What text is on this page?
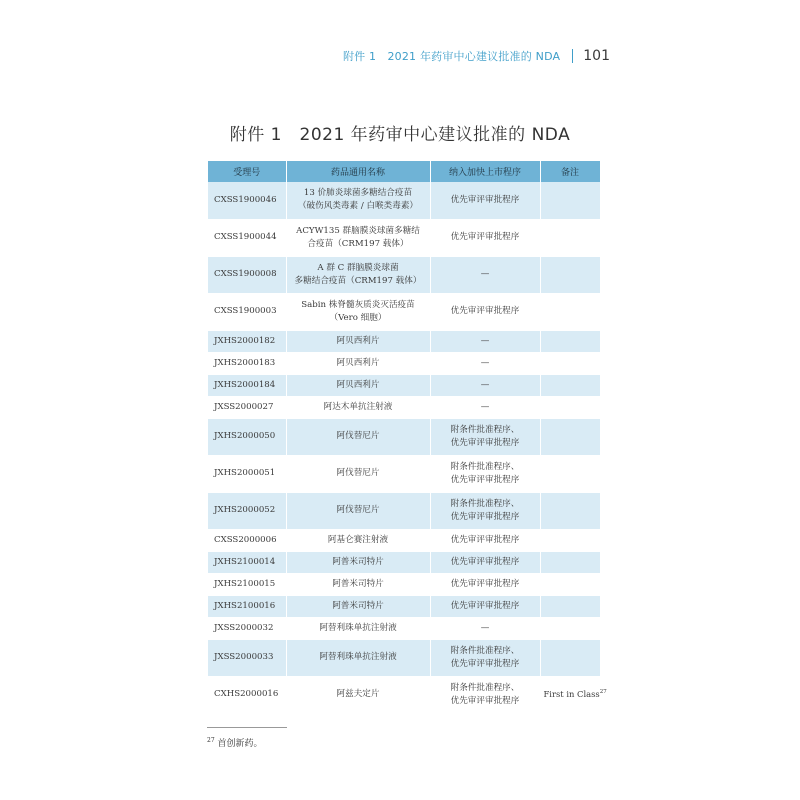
附件 1　2021 年药审中心建议批准的 NDA 101
附件 1　2021 年药审中心建议批准的 NDA
受理号	药品通用名称	纳入加快上市程序	备注
CXSS1900046	13 价肺炎球菌多糖结合疫苗
（破伤风类毒素 / 白喉类毒素）	优先审评审批程序	
CXSS1900044	ACYW135 群脑膜炎球菌多糖结
合疫苗（CRM197 载体）	优先审评审批程序	
CXSS1900008	A 群 C 群脑膜炎球菌
多糖结合疫苗（CRM197 载体）	—	
CXSS1900003	Sabin 株脊髓灰质炎灭活疫苗
（Vero 细胞）	优先审评审批程序	
JXHS2000182	阿贝西利片	—	
JXHS2000183	阿贝西利片	—	
JXHS2000184	阿贝西利片	—	
JXSS2000027	阿达木单抗注射液	—	
JXHS2000050	阿伐替尼片	附条件批准程序、
优先审评审批程序	
JXHS2000051	阿伐替尼片	附条件批准程序、
优先审评审批程序	
JXHS2000052	阿伐替尼片	附条件批准程序、
优先审评审批程序	
CXSS2000006	阿基仑赛注射液	优先审评审批程序	
JXHS2100014	阿普米司特片	优先审评审批程序	
JXHS2100015	阿普米司特片	优先审评审批程序	
JXHS2100016	阿普米司特片	优先审评审批程序	
JXSS2000032	阿替利珠单抗注射液	—	
JXSS2000033	阿替利珠单抗注射液	附条件批准程序、
优先审评审批程序	
CXHS2000016	阿兹夫定片	附条件批准程序、
优先审评审批程序	First in Class$^{27}$
$^{27}$ 首创新药。
